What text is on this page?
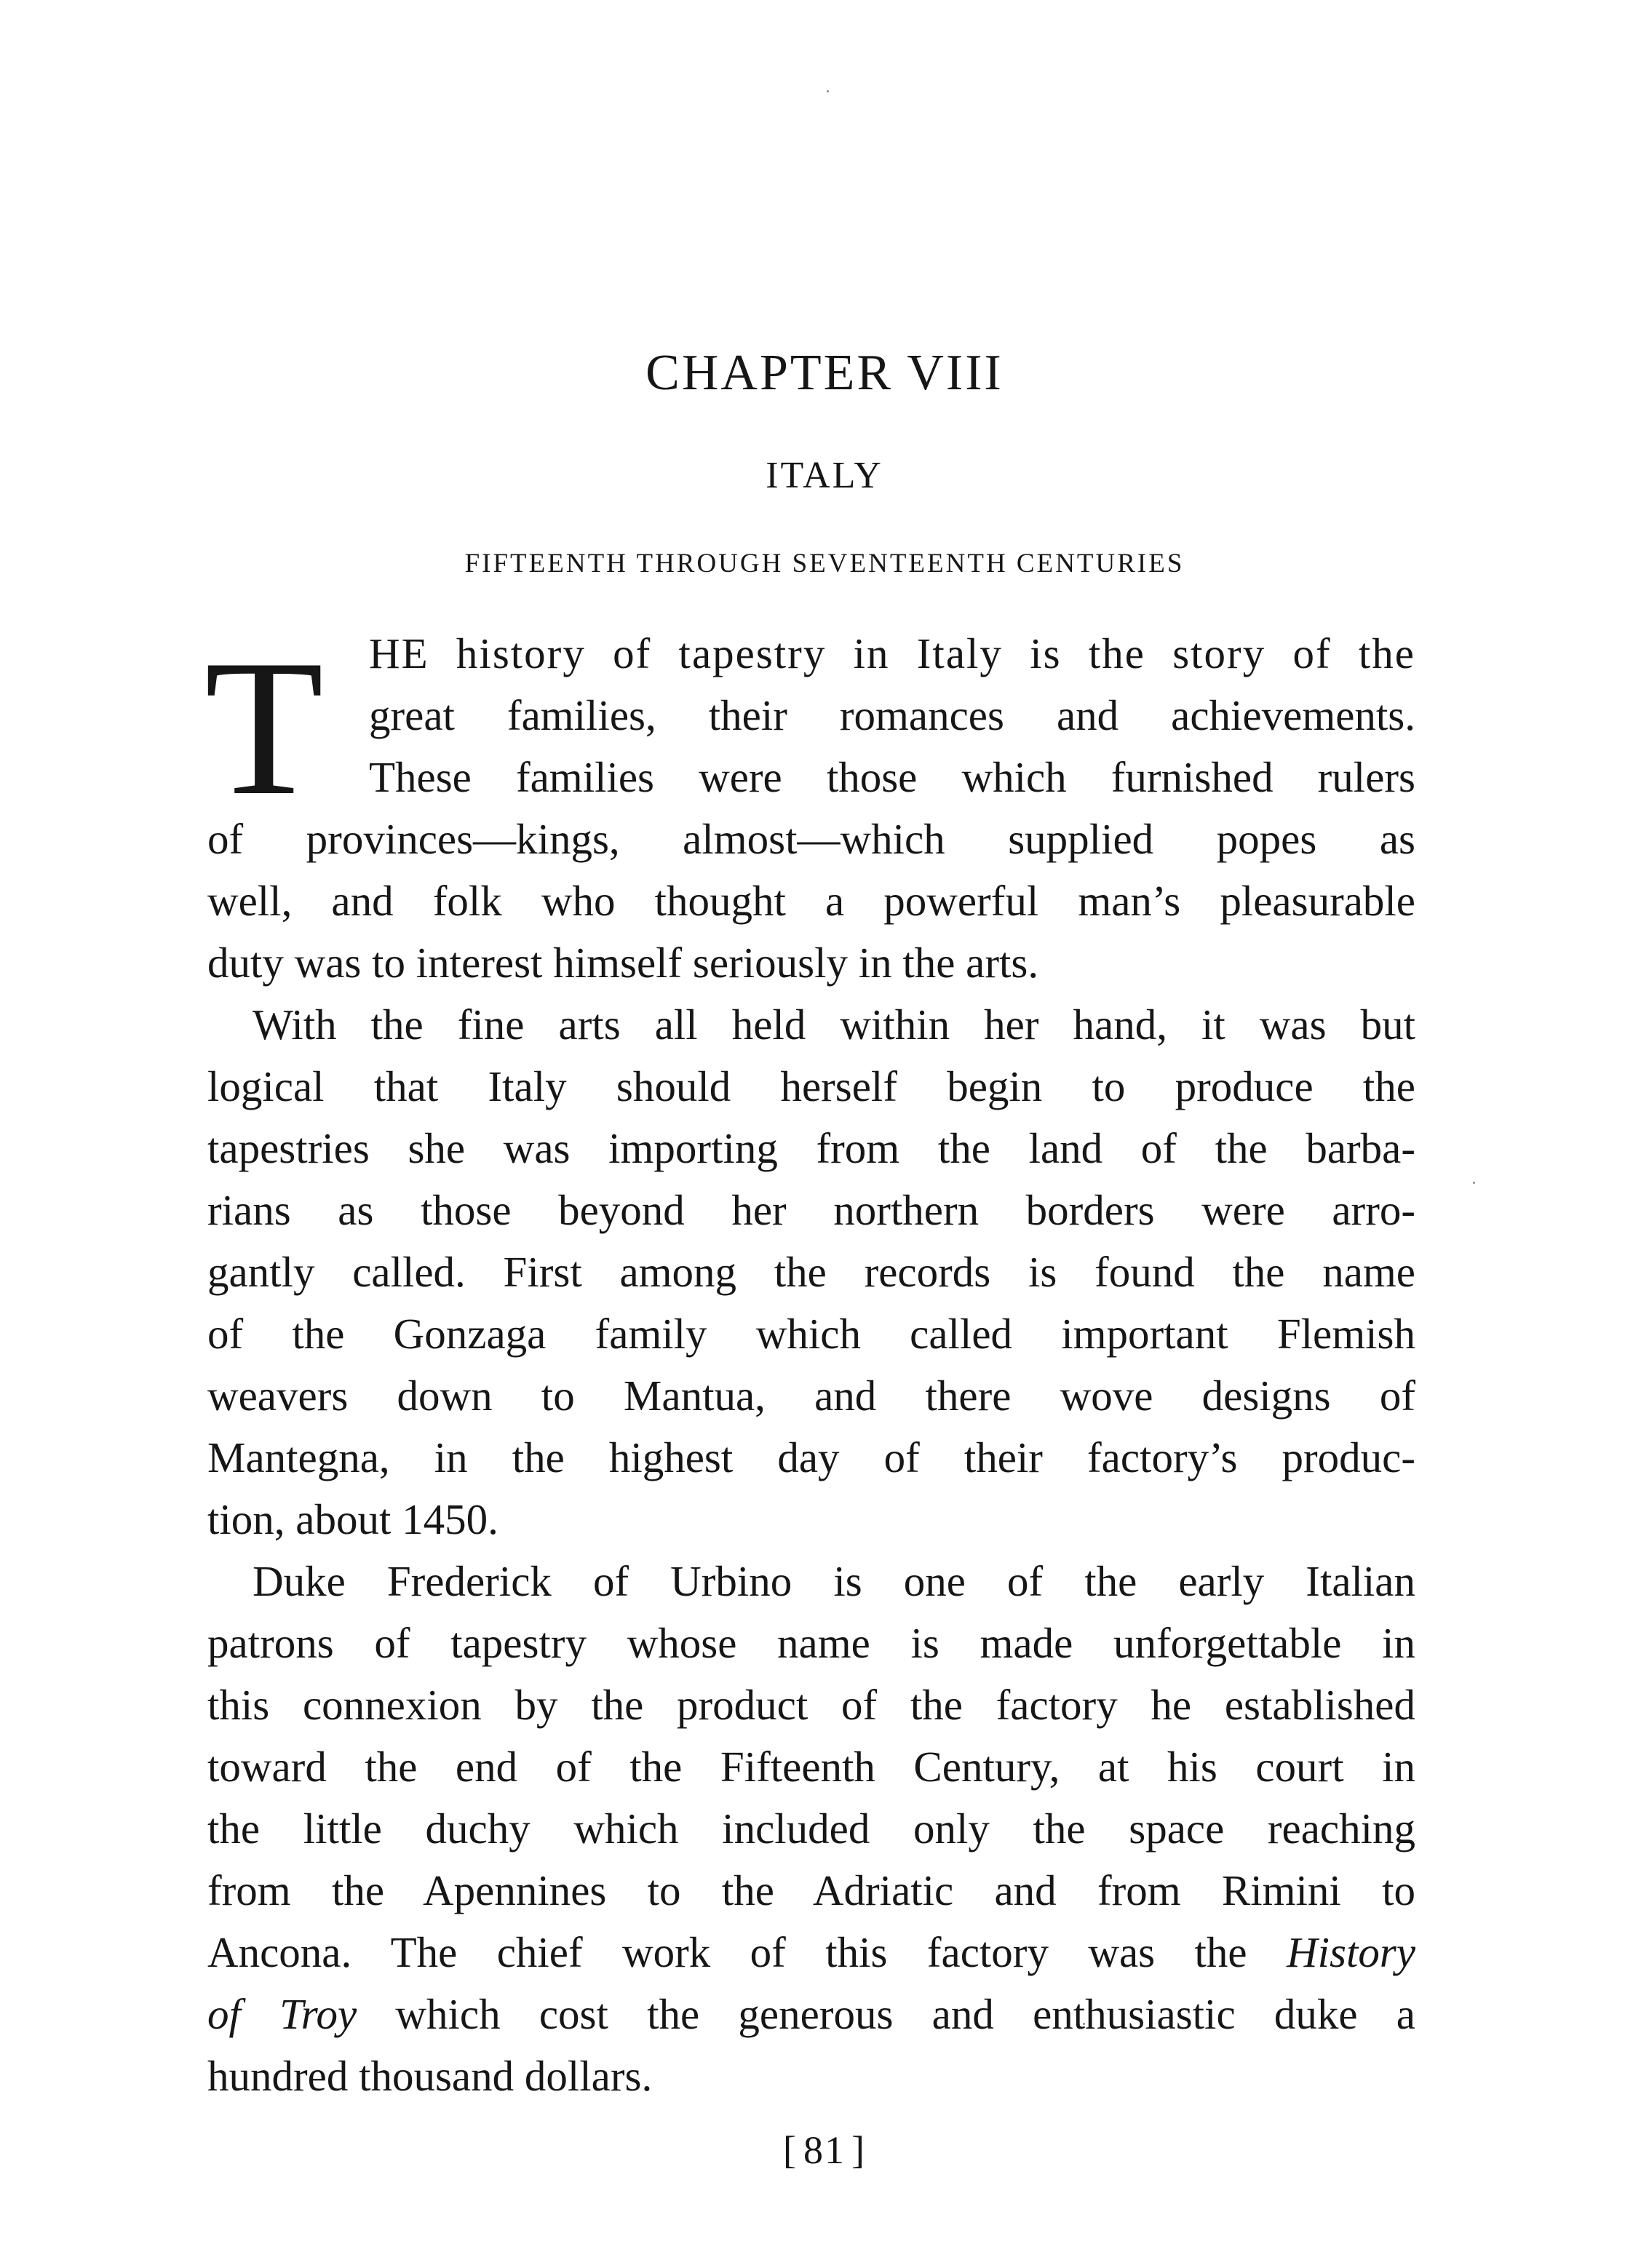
CHAPTER VIII
ITALY
FIFTEENTH THROUGH SEVENTEENTH CENTURIES
T	HE history of tapestry in Italy is the story of the
great families, their romances and achievements.
These families were those which furnished rulers
of provinces—kings, almost—which supplied popes as
well, and folk who thought a powerful man’s pleasurable
duty was to interest himself seriously in the arts.
With the fine arts all held within her hand, it was but
logical that Italy should herself begin to produce the
tapestries she was importing from the land of the barba-
rians as those beyond her northern borders were arro-
gantly called. First among the records is found the name
of the Gonzaga family which called important Flemish
weavers down to Mantua, and there wove designs of
Mantegna, in the highest day of their factory’s produc-
tion, about 1450.
Duke Frederick of Urbino is one of the early Italian
patrons of tapestry whose name is made unforgettable in
this connexion by the product of the factory he established
toward the end of the Fifteenth Century, at his court in
the little duchy which included only the space reaching
from the Apennines to the Adriatic and from Rimini to
Ancona. The chief work of this factory was the History
of Troy which cost the generous and enthusiastic duke a
hundred thousand dollars.
[ 81 ]
